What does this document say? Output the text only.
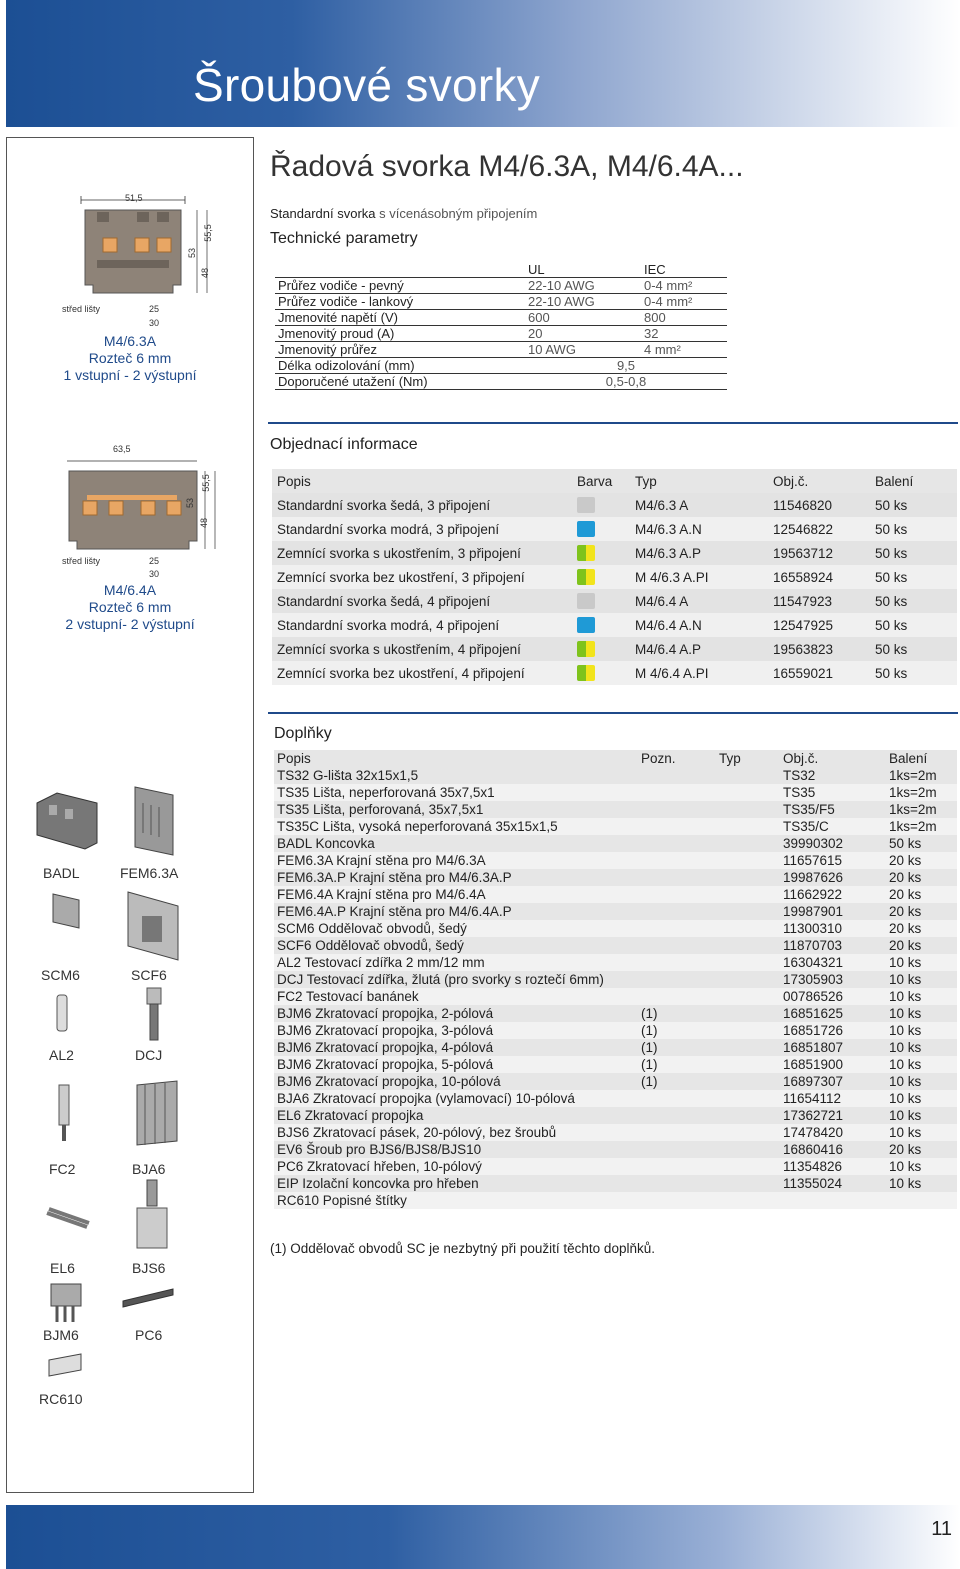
Šroubové svorky
51,5
53
55,5
48
25
30
střed lišty
M4/6.3A
Rozteč 6 mm
1 vstupní - 2 výstupní
63,5
53
55,5
48
25
30
střed lišty
M4/6.4A
Rozteč 6 mm
2 vstupní- 2 výstupní
BADL	FEM6.3A
SCM6	SCF6
AL2	DCJ
FC2	BJA6
EL6	BJS6
BJM6	PC6
RC610
Řadová svorka M4/6.3A, M4/6.4A...
Standardní svorka s vícenásobným připojením
Technické parametry
	UL	IEC
Průřez vodiče - pevný	22-10 AWG	0-4 mm²
Průřez vodiče - lankový	22-10 AWG	0-4 mm²
Jmenovité napětí (V)	600	800
Jmenovitý proud (A)	20	32
Jmenovitý průřez	10 AWG	4 mm²
Délka odizolování (mm)	9,5	
Doporučené utažení (Nm)	0,5-0,8	
Objednací informace
Popis	Barva	Typ	Obj.č.	Balení
Standardní svorka šedá, 3 připojení		M4/6.3 A	11546820	50 ks
Standardní svorka modrá, 3 připojení		M4/6.3 A.N	12546822	50 ks
Zemnící svorka s ukostřením, 3 připojení		M4/6.3 A.P	19563712	50 ks
Zemnící svorka bez ukostření, 3 připojení		M 4/6.3 A.PI	16558924	50 ks
Standardní svorka šedá, 4 připojení		M4/6.4 A	11547923	50 ks
Standardní svorka modrá, 4 připojení		M4/6.4 A.N	12547925	50 ks
Zemnící svorka s ukostřením, 4 připojení		M4/6.4 A.P	19563823	50 ks
Zemnící svorka bez ukostření, 4 připojení		M 4/6.4 A.PI	16559021	50 ks
Doplňky
Popis	Pozn.	Typ	Obj.č.	Balení
TS32 G-lišta 32x15x1,5			TS32	1ks=2m
TS35 Lišta, neperforovaná 35x7,5x1			TS35	1ks=2m
TS35 Lišta, perforovaná, 35x7,5x1			TS35/F5	1ks=2m
TS35C Lišta, vysoká neperforovaná 35x15x1,5			TS35/C	1ks=2m
BADL Koncovka			39990302	50 ks
FEM6.3A Krajní stěna pro M4/6.3A			11657615	20 ks
FEM6.3A.P Krajní stěna pro M4/6.3A.P			19987626	20 ks
FEM6.4A Krajní stěna pro M4/6.4A			11662922	20 ks
FEM6.4A.P Krajní stěna pro M4/6.4A.P			19987901	20 ks
SCM6 Oddělovač obvodů, šedý			11300310	20 ks
SCF6 Oddělovač obvodů, šedý			11870703	20 ks
AL2 Testovací zdířka 2 mm/12 mm			16304321	10 ks
DCJ Testovací zdířka, žlutá (pro svorky s roztečí 6mm)			17305903	10 ks
FC2 Testovací banánek			00786526	10 ks
BJM6 Zkratovací propojka, 2-pólová	(1)		16851625	10 ks
BJM6 Zkratovací propojka, 3-pólová	(1)		16851726	10 ks
BJM6 Zkratovací propojka, 4-pólová	(1)		16851807	10 ks
BJM6 Zkratovací propojka, 5-pólová	(1)		16851900	10 ks
BJM6 Zkratovací propojka, 10-pólová	(1)		16897307	10 ks
BJA6 Zkratovací propojka (vylamovací) 10-pólová			11654112	10 ks
EL6 Zkratovací propojka			17362721	10 ks
BJS6 Zkratovací pásek, 20-pólový, bez šroubů			17478420	10 ks
EV6 Šroub pro BJS6/BJS8/BJS10			16860416	20 ks
PC6 Zkratovací hřeben, 10-pólový			11354826	10 ks
EIP Izolační koncovka pro hřeben			11355024	10 ks
RC610 Popisné štítky				
(1) Oddělovač obvodů SC je nezbytný při použití těchto doplňků.
11
